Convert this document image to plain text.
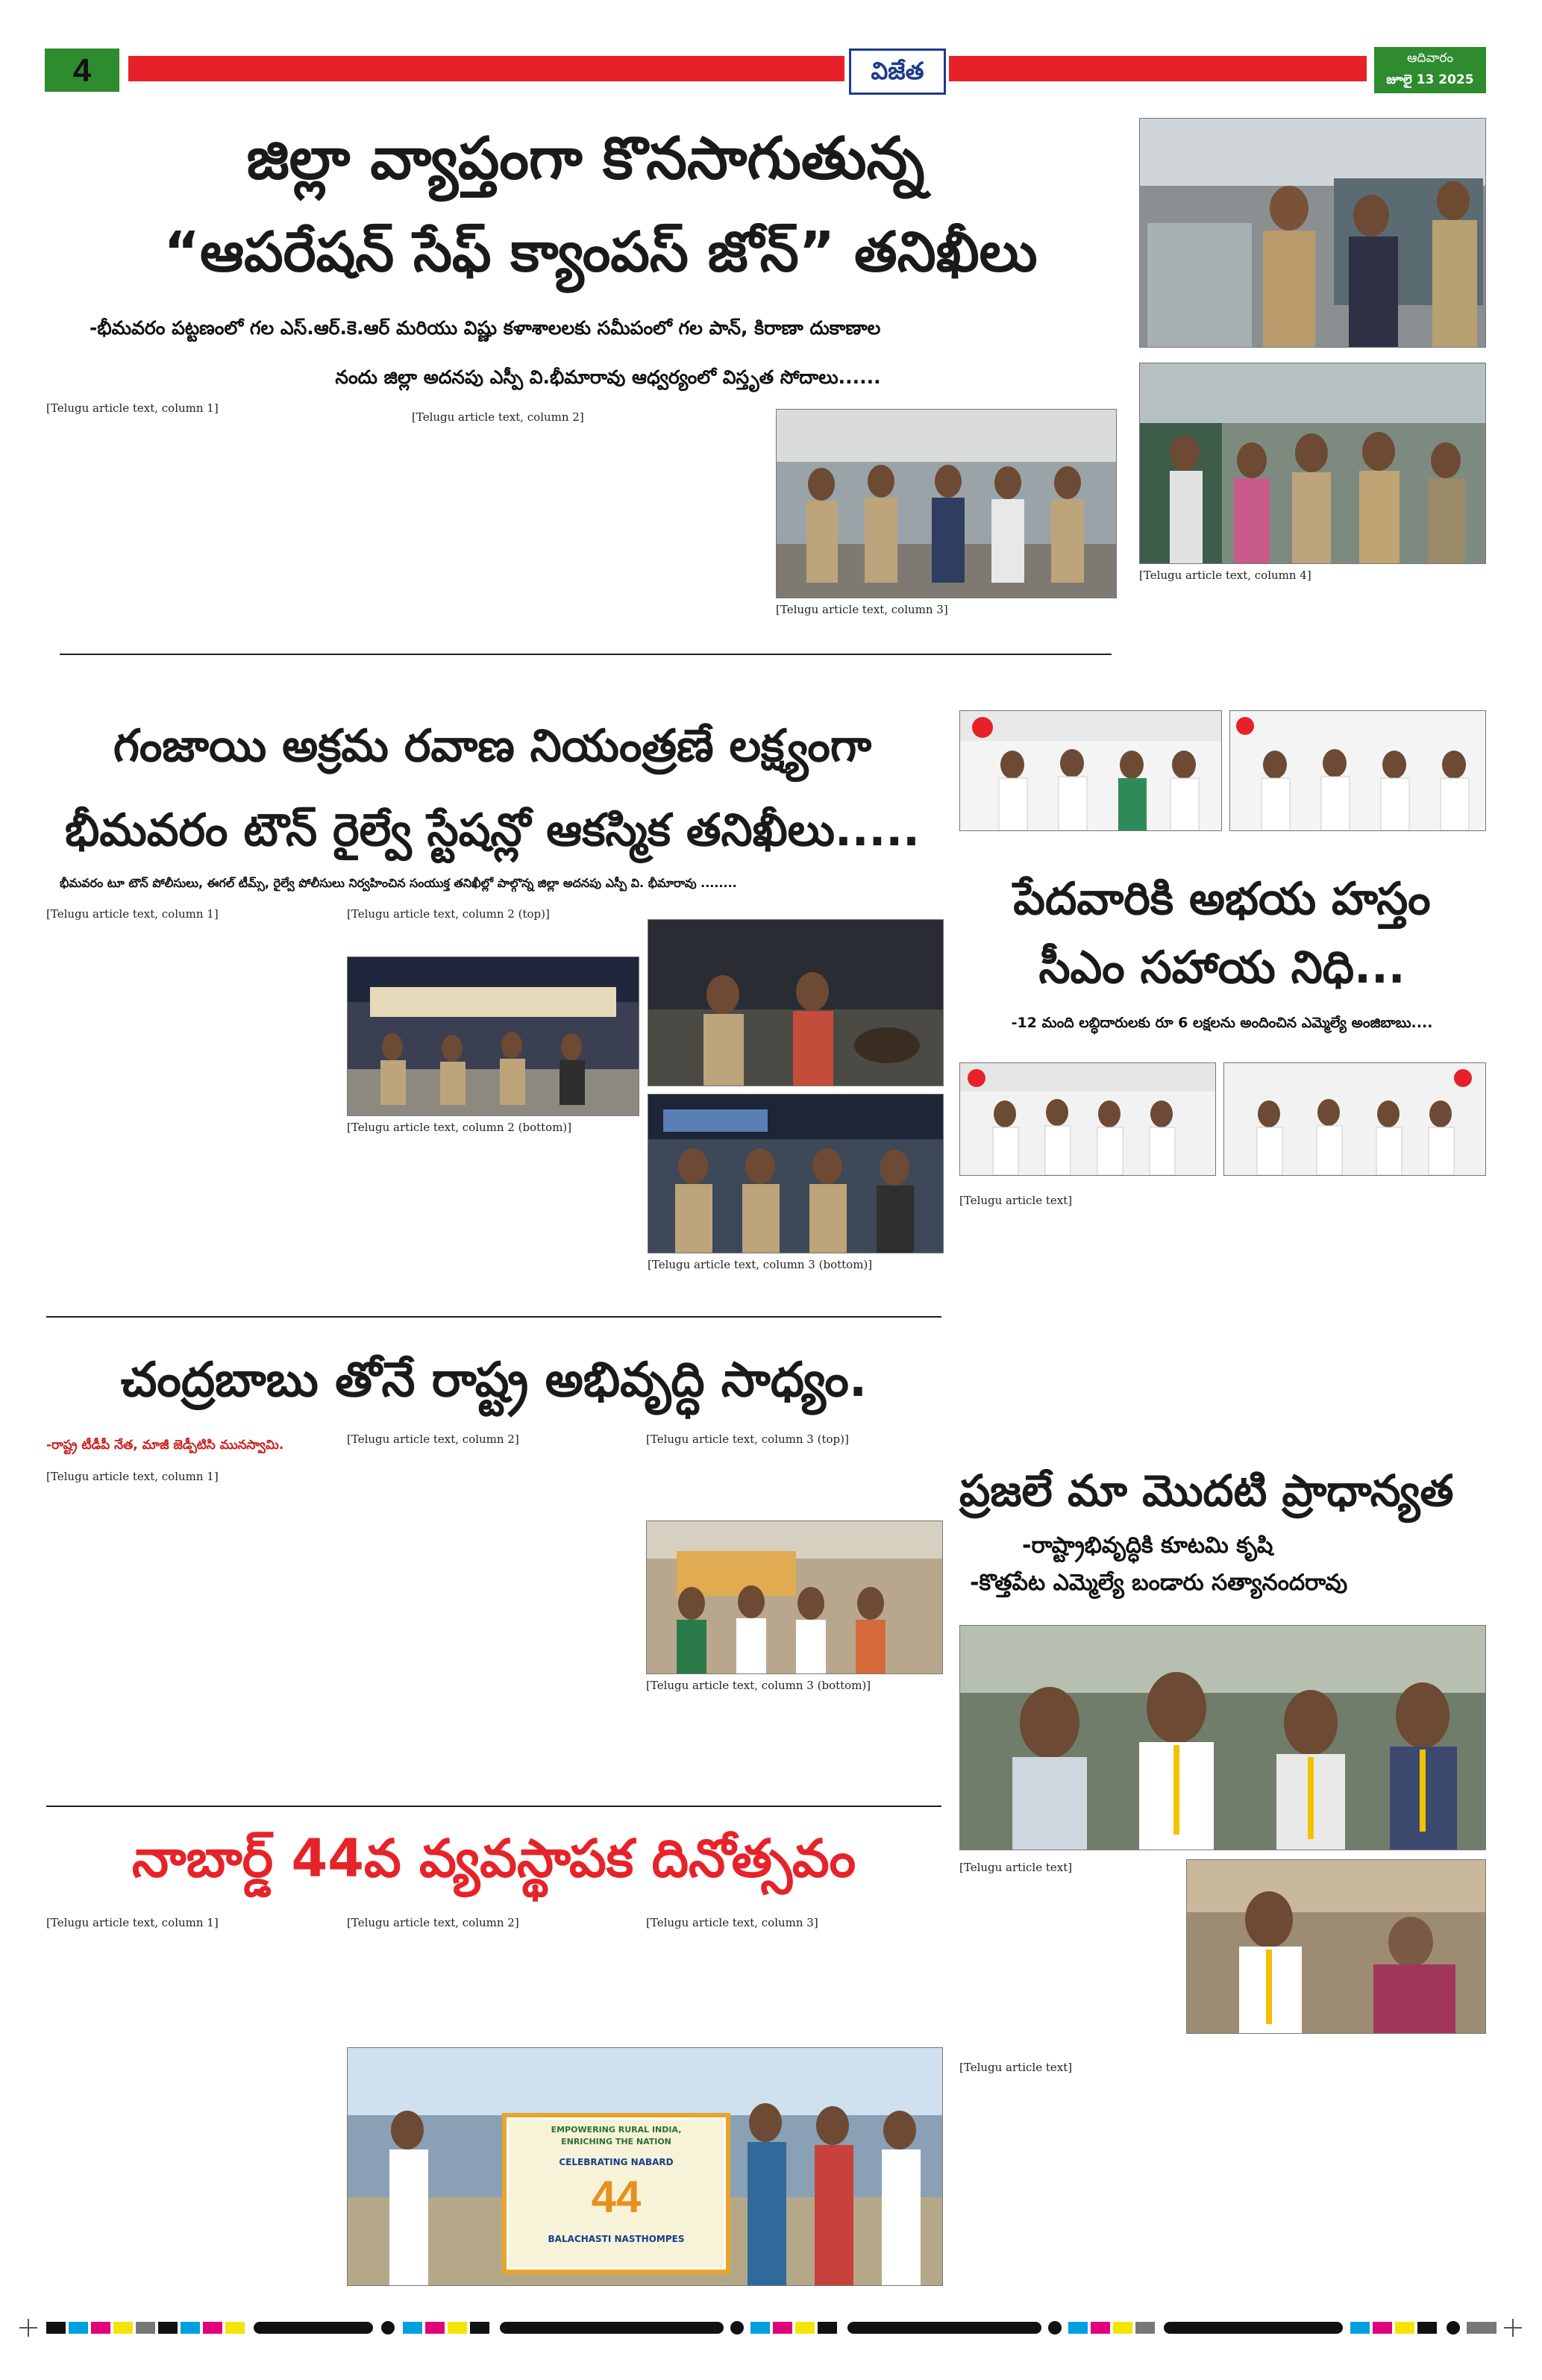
4	విజేత	ఆదివారం
జూలై 13 2025
జిల్లా వ్యాప్తంగా కొనసాగుతున్న
“ఆపరేషన్ సేఫ్ క్యాంపస్ జోన్” తనిఖీలు
-భీమవరం పట్టణంలో గల ఎస్.ఆర్.కె.ఆర్ మరియు విష్ణు కళాశాలలకు సమీపంలో గల పాన్, కిరాణా దుకాణాల
నందు జిల్లా అదనపు ఎస్పీ వి.భీమారావు ఆధ్వర్యంలో విస్తృత సోదాలు......
[Telugu article text, column 1]
[Telugu article text, column 2]
[Telugu article text, column 3]
[Telugu article text, column 4]
గంజాయి అక్రమ రవాణ నియంత్రణే లక్ష్యంగా
భీమవరం టౌన్ రైల్వే స్టేషన్లో ఆకస్మిక తనిఖీలు.....
భీమవరం టూ టౌన్ పోలీసులు, ఈగల్ టీమ్స్, రైల్వే పోలీసులు నిర్వహించిన సంయుక్త తనిఖీల్లో పాల్గొన్న జిల్లా అదనపు ఎస్పీ వి. భీమారావు ........
[Telugu article text, column 1]	[Telugu article text, column 2 (top)]
[Telugu article text, column 2 (bottom)]
[Telugu article text, column 3 (bottom)]
పేదవారికి అభయ హస్తం
సీఎం సహాయ నిధి...
-12 మంది లబ్ధిదారులకు రూ 6 లక్షలను అందించిన ఎమ్మెల్యే అంజిబాబు....
[Telugu article text]
చంద్రబాబు తోనే రాష్ట్ర అభివృద్ధి సాధ్యం.
-రాష్ట్ర టీడీపీ నేత, మాజీ జెడ్పీటిసి మునస్వామి.
[Telugu article text, column 1]
[Telugu article text, column 2]	[Telugu article text, column 3 (top)]
[Telugu article text, column 3 (bottom)]
ప్రజలే మా మొదటి ప్రాధాన్యత
-రాష్ట్రాభివృద్ధికి కూటమి కృషి
-కొత్తపేట ఎమ్మెల్యే బండారు సత్యానందరావు
[Telugu article text]
[Telugu article text]
నాబార్డ్ 44వ వ్యవస్థాపక దినోత్సవం
[Telugu article text, column 1]	[Telugu article text, column 2]	[Telugu article text, column 3]
EMPOWERING RURAL INDIA,
ENRICHING THE NATION
CELEBRATING NABARD
44
BALACHASTI NASTHOMPES
